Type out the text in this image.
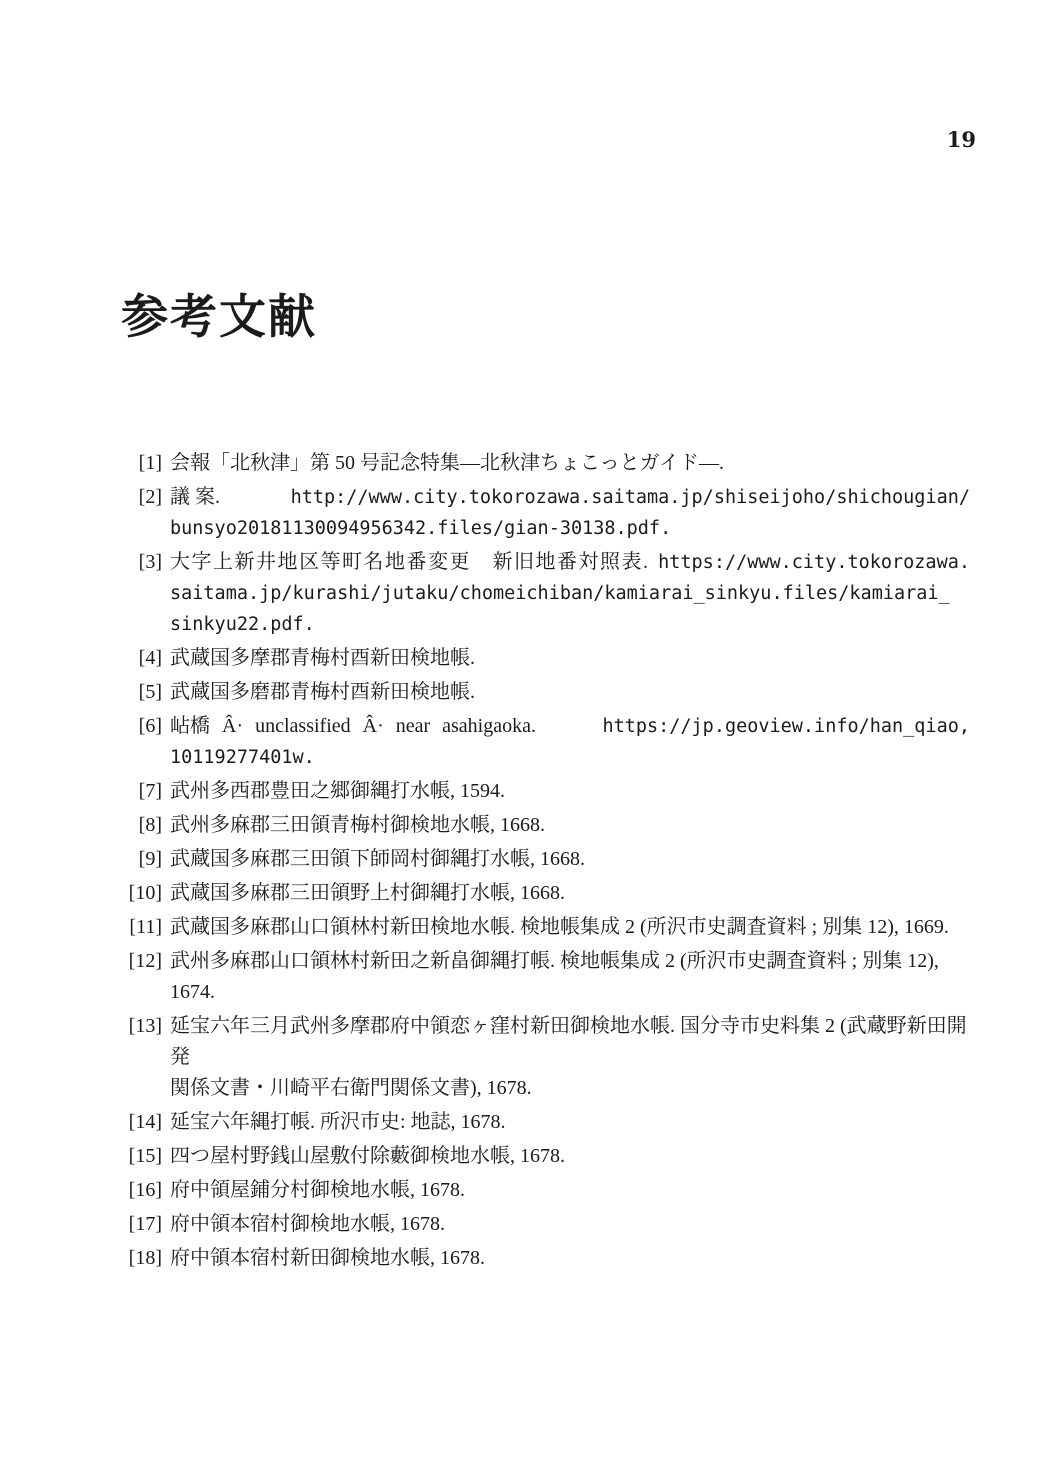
19
参考文献
[1] 会報「北秋津」第 50 号記念特集—北秋津ちょこっとガイド—.
[2] 議 案.	http://www.city.tokorozawa.saitama.jp/shiseijoho/shichougian/
bunsyo20181130094956342.files/gian-30138.pdf.
[3] 大字上新井地区等町名地番変更　新旧地番対照表. https://www.city.tokorozawa.
saitama.jp/kurashi/jutaku/chomeichiban/kamiarai_sinkyu.files/kamiarai_
sinkyu22.pdf.
[4] 武蔵国多摩郡青梅村酉新田検地帳.
[5] 武蔵国多磨郡青梅村酉新田検地帳.
[6] 岾橋 Â· unclassified Â· near asahigaoka.	https://jp.geoview.info/han_qiao,
10119277401w.
[7] 武州多西郡豊田之郷御縄打水帳, 1594.
[8] 武州多麻郡三田領青梅村御検地水帳, 1668.
[9] 武蔵国多麻郡三田領下師岡村御縄打水帳, 1668.
[10] 武蔵国多麻郡三田領野上村御縄打水帳, 1668.
[11] 武蔵国多麻郡山口領林村新田検地水帳. 検地帳集成 2 (所沢市史調査資料 ; 別集 12), 1669.
[12] 武州多麻郡山口領林村新田之新畠御縄打帳. 検地帳集成 2 (所沢市史調査資料 ; 別集 12), 1674.
[13] 延宝六年三月武州多摩郡府中領恋ヶ窪村新田御検地水帳. 国分寺市史料集 2 (武蔵野新田開発
関係文書・川崎平右衛門関係文書), 1678.
[14] 延宝六年縄打帳. 所沢市史: 地誌, 1678.
[15] 四つ屋村野銭山屋敷付除藪御検地水帳, 1678.
[16] 府中領屋鋪分村御検地水帳, 1678.
[17] 府中領本宿村御検地水帳, 1678.
[18] 府中領本宿村新田御検地水帳, 1678.
